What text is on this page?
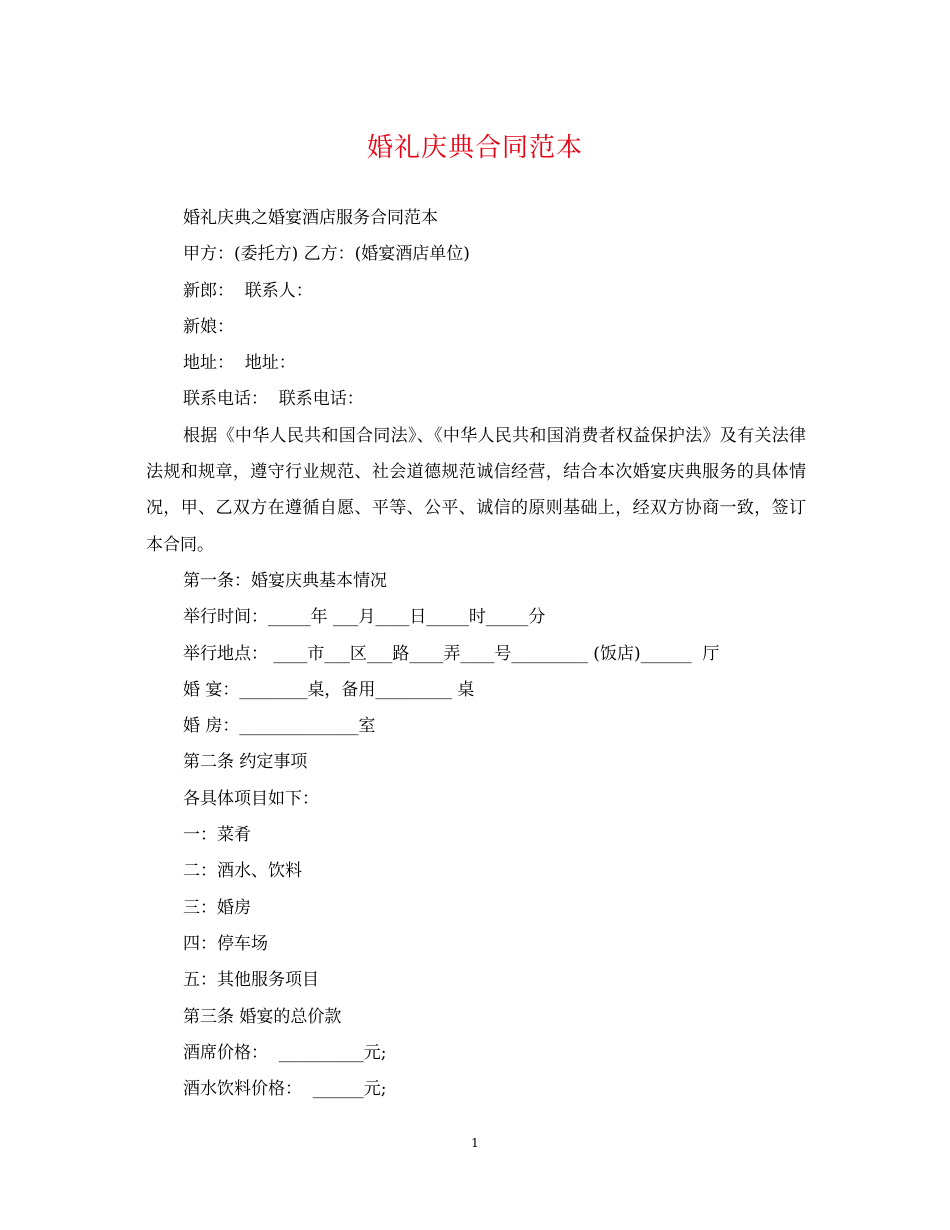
婚礼庆典合同范本
婚礼庆典之婚宴酒店服务合同范本
甲方：(委托方) 乙方：(婚宴酒店单位)
新郎：  联系人：
新娘：
地址：  地址：
联系电话：  联系电话：
根据《中华人民共和国合同法》、《中华人民共和国消费者权益保护法》及有关法律法规和规章，遵守行业规范、社会道德规范诚信经营，结合本次婚宴庆典服务的具体情况，甲、乙双方在遵循自愿、平等、公平、诚信的原则基础上，经双方协商一致，签订本合同。
第一条：婚宴庆典基本情况
举行时间：_____年 ___月____日_____时_____分
举行地点： ____市___区___路____弄____号_________ (饭店)______  厅
婚 宴：________桌，备用_________ 桌
婚 房：______________室
第二条 约定事项
各具体项目如下：
一：菜肴
二：酒水、饮料
三：婚房
四：停车场
五：其他服务项目
第三条 婚宴的总价款
酒席价格：  __________元;
酒水饮料价格：  ______元;
1
